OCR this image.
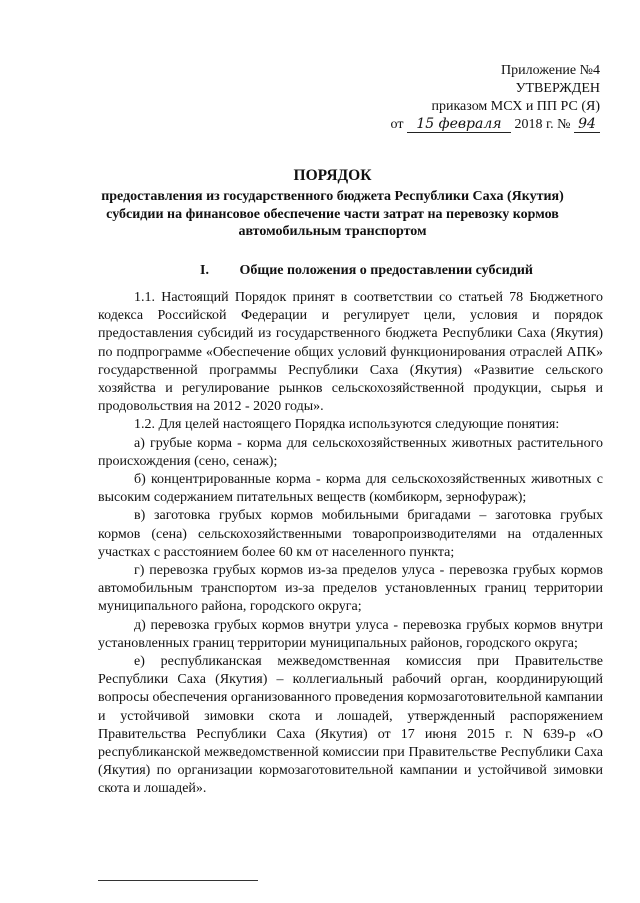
Приложение №4
УТВЕРЖДЕН
приказом МСХ и ПП РС (Я)
от 15 февраля 2018 г. № 94
ПОРЯДОК
предоставления из государственного бюджета Республики Саха (Якутия) субсидии на финансовое обеспечение части затрат на перевозку кормов автомобильным транспортом
I. Общие положения о предоставлении субсидий

1.1. Настоящий Порядок принят в соответствии со статьей 78 Бюджетного кодекса Российской Федерации и регулирует цели, условия и порядок предоставления субсидий из государственного бюджета Республики Саха (Якутия) по подпрограмме «Обеспечение общих условий функционирования отраслей АПК» государственной программы Республики Саха (Якутия) «Развитие сельского хозяйства и регулирование рынков сельскохозяйственной продукции, сырья и продовольствия на 2012 - 2020 годы».

1.2. Для целей настоящего Порядка используются следующие понятия:

а) грубые корма - корма для сельскохозяйственных животных растительного происхождения (сено, сенаж);

б) концентрированные корма - корма для сельскохозяйственных животных с высоким содержанием питательных веществ (комбикорм, зернофураж);

в) заготовка грубых кормов мобильными бригадами – заготовка грубых кормов (сена) сельскохозяйственными товаропроизводителями на отдаленных участках с расстоянием более 60 км от населенного пункта;

г) перевозка грубых кормов из-за пределов улуса - перевозка грубых кормов автомобильным транспортом из-за пределов установленных границ территории муниципального района, городского округа;

д) перевозка грубых кормов внутри улуса - перевозка грубых кормов внутри установленных границ территории муниципальных районов, городского округа;

е) республиканская межведомственная комиссия при Правительстве Республики Саха (Якутия) – коллегиальный рабочий орган, координирующий вопросы обеспечения организованного проведения кормозаготовительной кампании и устойчивой зимовки скота и лошадей, утвержденный распоряжением Правительства Республики Саха (Якутия) от 17 июня 2015 г. N 639-р «О республиканской межведомственной комиссии при Правительстве Республики Саха (Якутия) по организации кормозаготовительной кампании и устойчивой зимовки скота и лошадей».
